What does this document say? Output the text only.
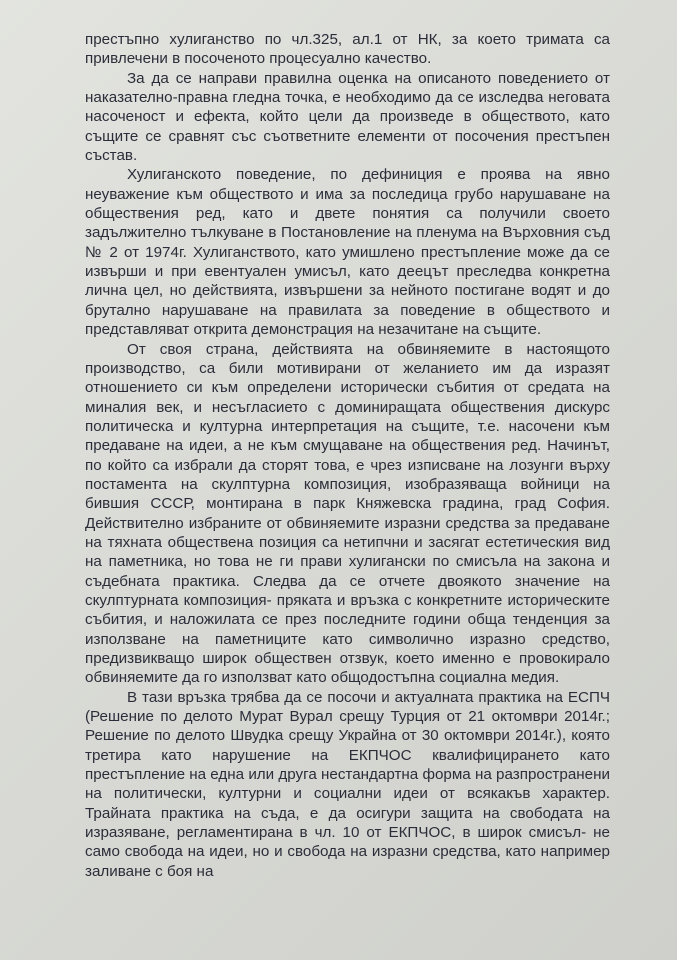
престъпно хулиганство по чл.325, ал.1 от НК, за което тримата са привлечени в посоченото процесуално качество.

За да се направи правилна оценка на описаното поведението от наказателно-правна гледна точка, е необходимо да се изследва неговата насоченост и ефекта, който цели да произведе в обществото, като същите се сравнят със съответните елементи от посочения престъпен състав.

Хулиганското поведение, по дефиниция е проява на явно неуважение към обществото и има за последица грубо нарушаване на обществения ред, като и двете понятия са получили своето задължително тълкуване в Постановление на пленума на Върховния съд № 2 от 1974г. Хулиганството, като умишлено престъпление може да се извърши и при евентуален умисъл, като деецът преследва конкретна лична цел, но действията, извършени за нейното постигане водят и до брутално нарушаване на правилата за поведение в обществото и представляват открита демонстрация на незачитане на същите.

От своя страна, действията на обвиняемите в настоящото производство, са били мотивирани от желанието им да изразят отношението си към определени исторически събития от средата на миналия век, и несъгласието с доминиращата обществения дискурс политическа и културна интерпретация на същите, т.е. насочени към предаване на идеи, а не към смущаване на обществения ред. Начинът, по който са избрали да сторят това, е чрез изписване на лозунги върху постамента на скулптурна композиция, изобразяваща войници на бившия СССР, монтирана в парк Княжевска градина, град София. Действително избраните от обвиняемите изразни средства за предаване на тяхната обществена позиция са нетипчни и засягат естетическия вид на паметника, но това не ги прави хулигански по смисъла на закона и съдебната практика. Следва да се отчете двоякото значение на скулптурната композиция- пряката и връзка с конкретните историческите събития, и наложилата се през последните години обща тенденция за използване на паметниците като символично изразно средство, предизвикващо широк обществен отзвук, което именно е провокирало обвиняемите да го използват като общодостъпна социална медия.

В тази връзка трябва да се посочи и актуалната практика на ЕСПЧ (Решение по делото Мурат Вурал срещу Турция от 21 октомври 2014г.; Решение по делото Швудка срещу Украйна от 30 октомври 2014г.), която третира като нарушение на ЕКПЧОС квалифицирането като престъпление на една или друга нестандартна форма на разпространени на политически, културни и социални идеи от всякакъв характер. Трайната практика на съда, е да осигури защита на свободата на изразяване, регламентирана в чл. 10 от ЕКПЧОС, в широк смисъл- не само свобода на идеи, но и свобода на изразни средства, като например заливане с боя на
